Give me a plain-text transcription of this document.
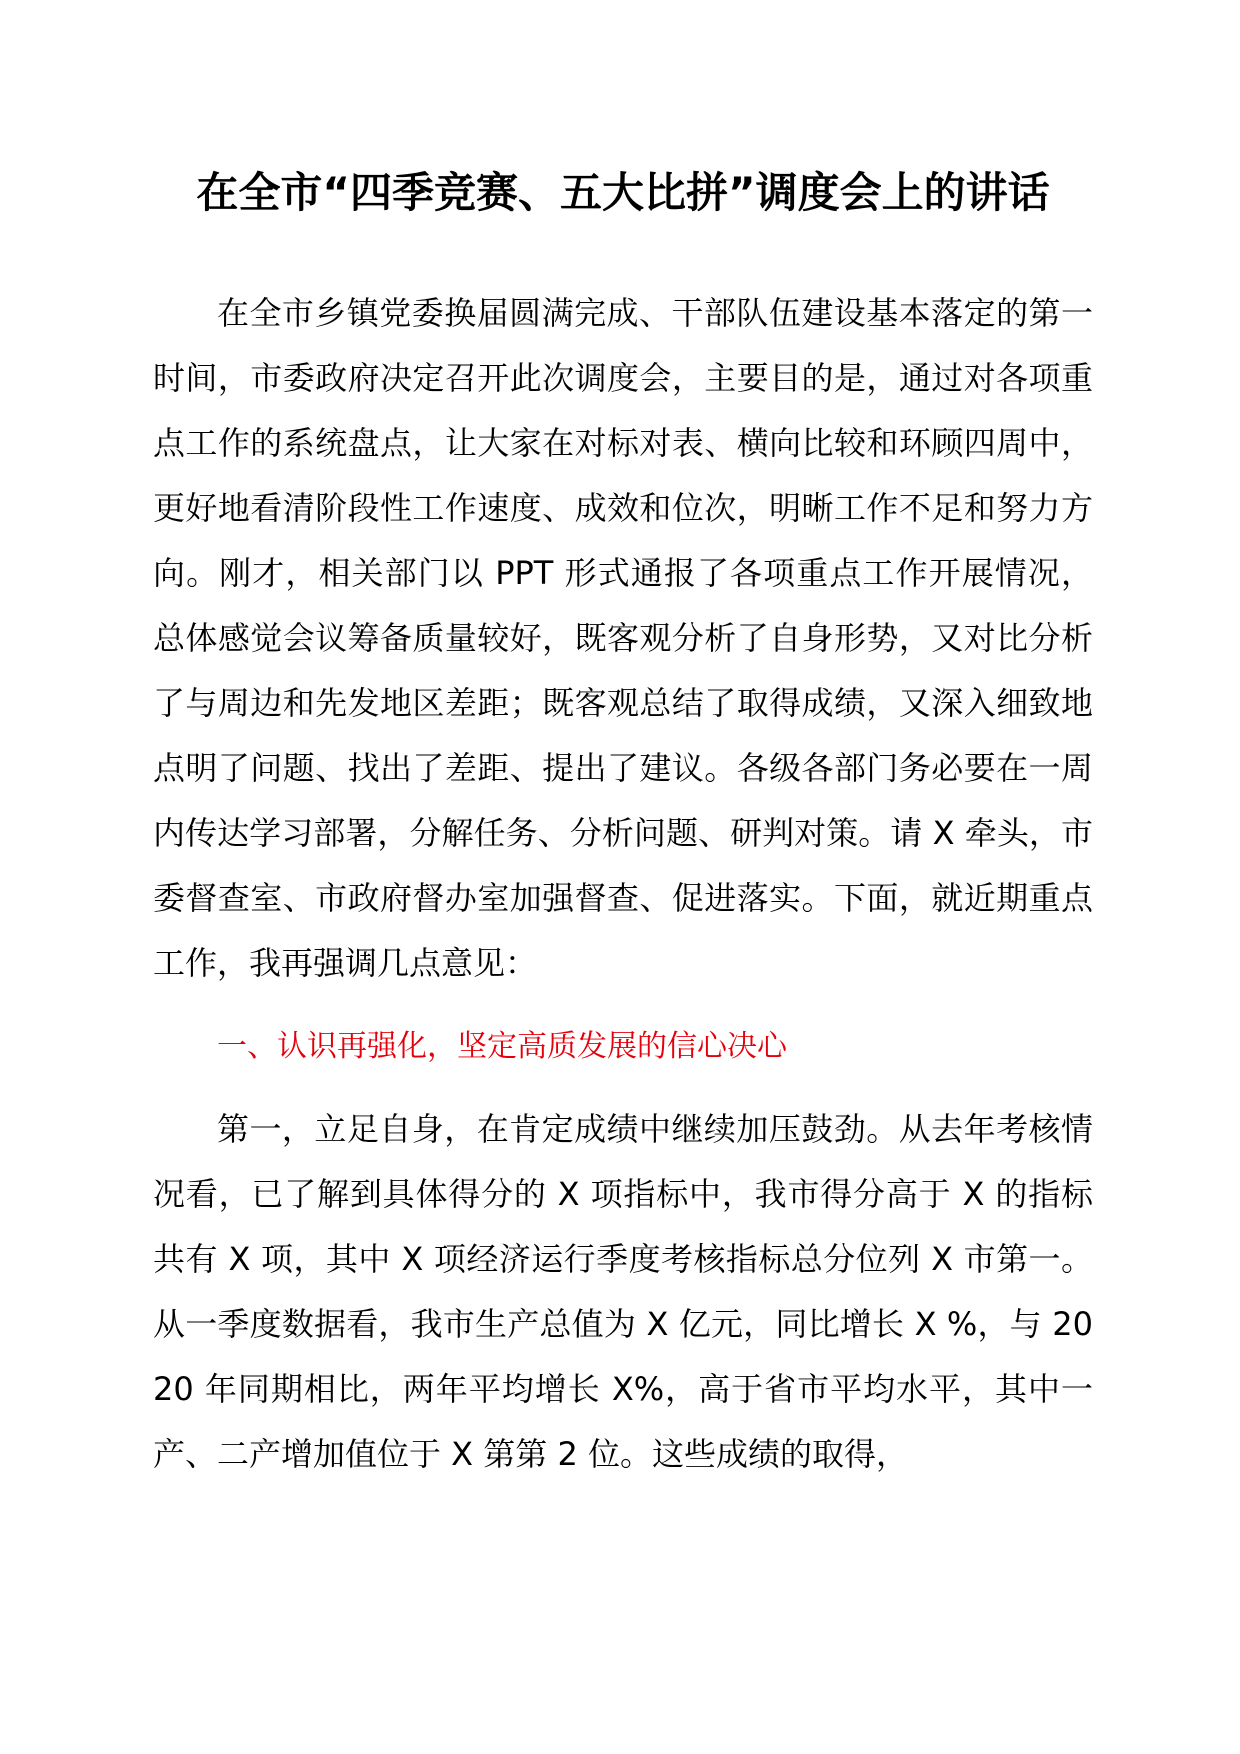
在全市“四季竞赛、五大比拼”调度会上的讲话

在全市乡镇党委换届圆满完成、干部队伍建设基本落定的第一时间，市委政府决定召开此次调度会，主要目的是，通过对各项重点工作的系统盘点，让大家在对标对表、横向比较和环顾四周中，更好地看清阶段性工作速度、成效和位次，明晰工作不足和努力方向。刚才，相关部门以 PPT 形式通报了各项重点工作开展情况，总体感觉会议筹备质量较好，既客观分析了自身形势，又对比分析了与周边和先发地区差距；既客观总结了取得成绩，又深入细致地点明了问题、找出了差距、提出了建议。各级各部门务必要在一周内传达学习部署，分解任务、分析问题、研判对策。请 X 牵头，市委督查室、市政府督办室加强督查、促进落实。下面，就近期重点工作，我再强调几点意见：

一、认识再强化，坚定高质发展的信心决心

第一，立足自身，在肯定成绩中继续加压鼓劲。从去年考核情况看，已了解到具体得分的 X 项指标中，我市得分高于 X 的指标共有 X 项，其中 X 项经济运行季度考核指标总分位列 X 市第一。从一季度数据看，我市生产总值为 X 亿元，同比增长 X %，与 2020 年同期相比，两年平均增长 X%，高于省市平均水平，其中一产、二产增加值位于 X 第第 2 位。这些成绩的取得，
